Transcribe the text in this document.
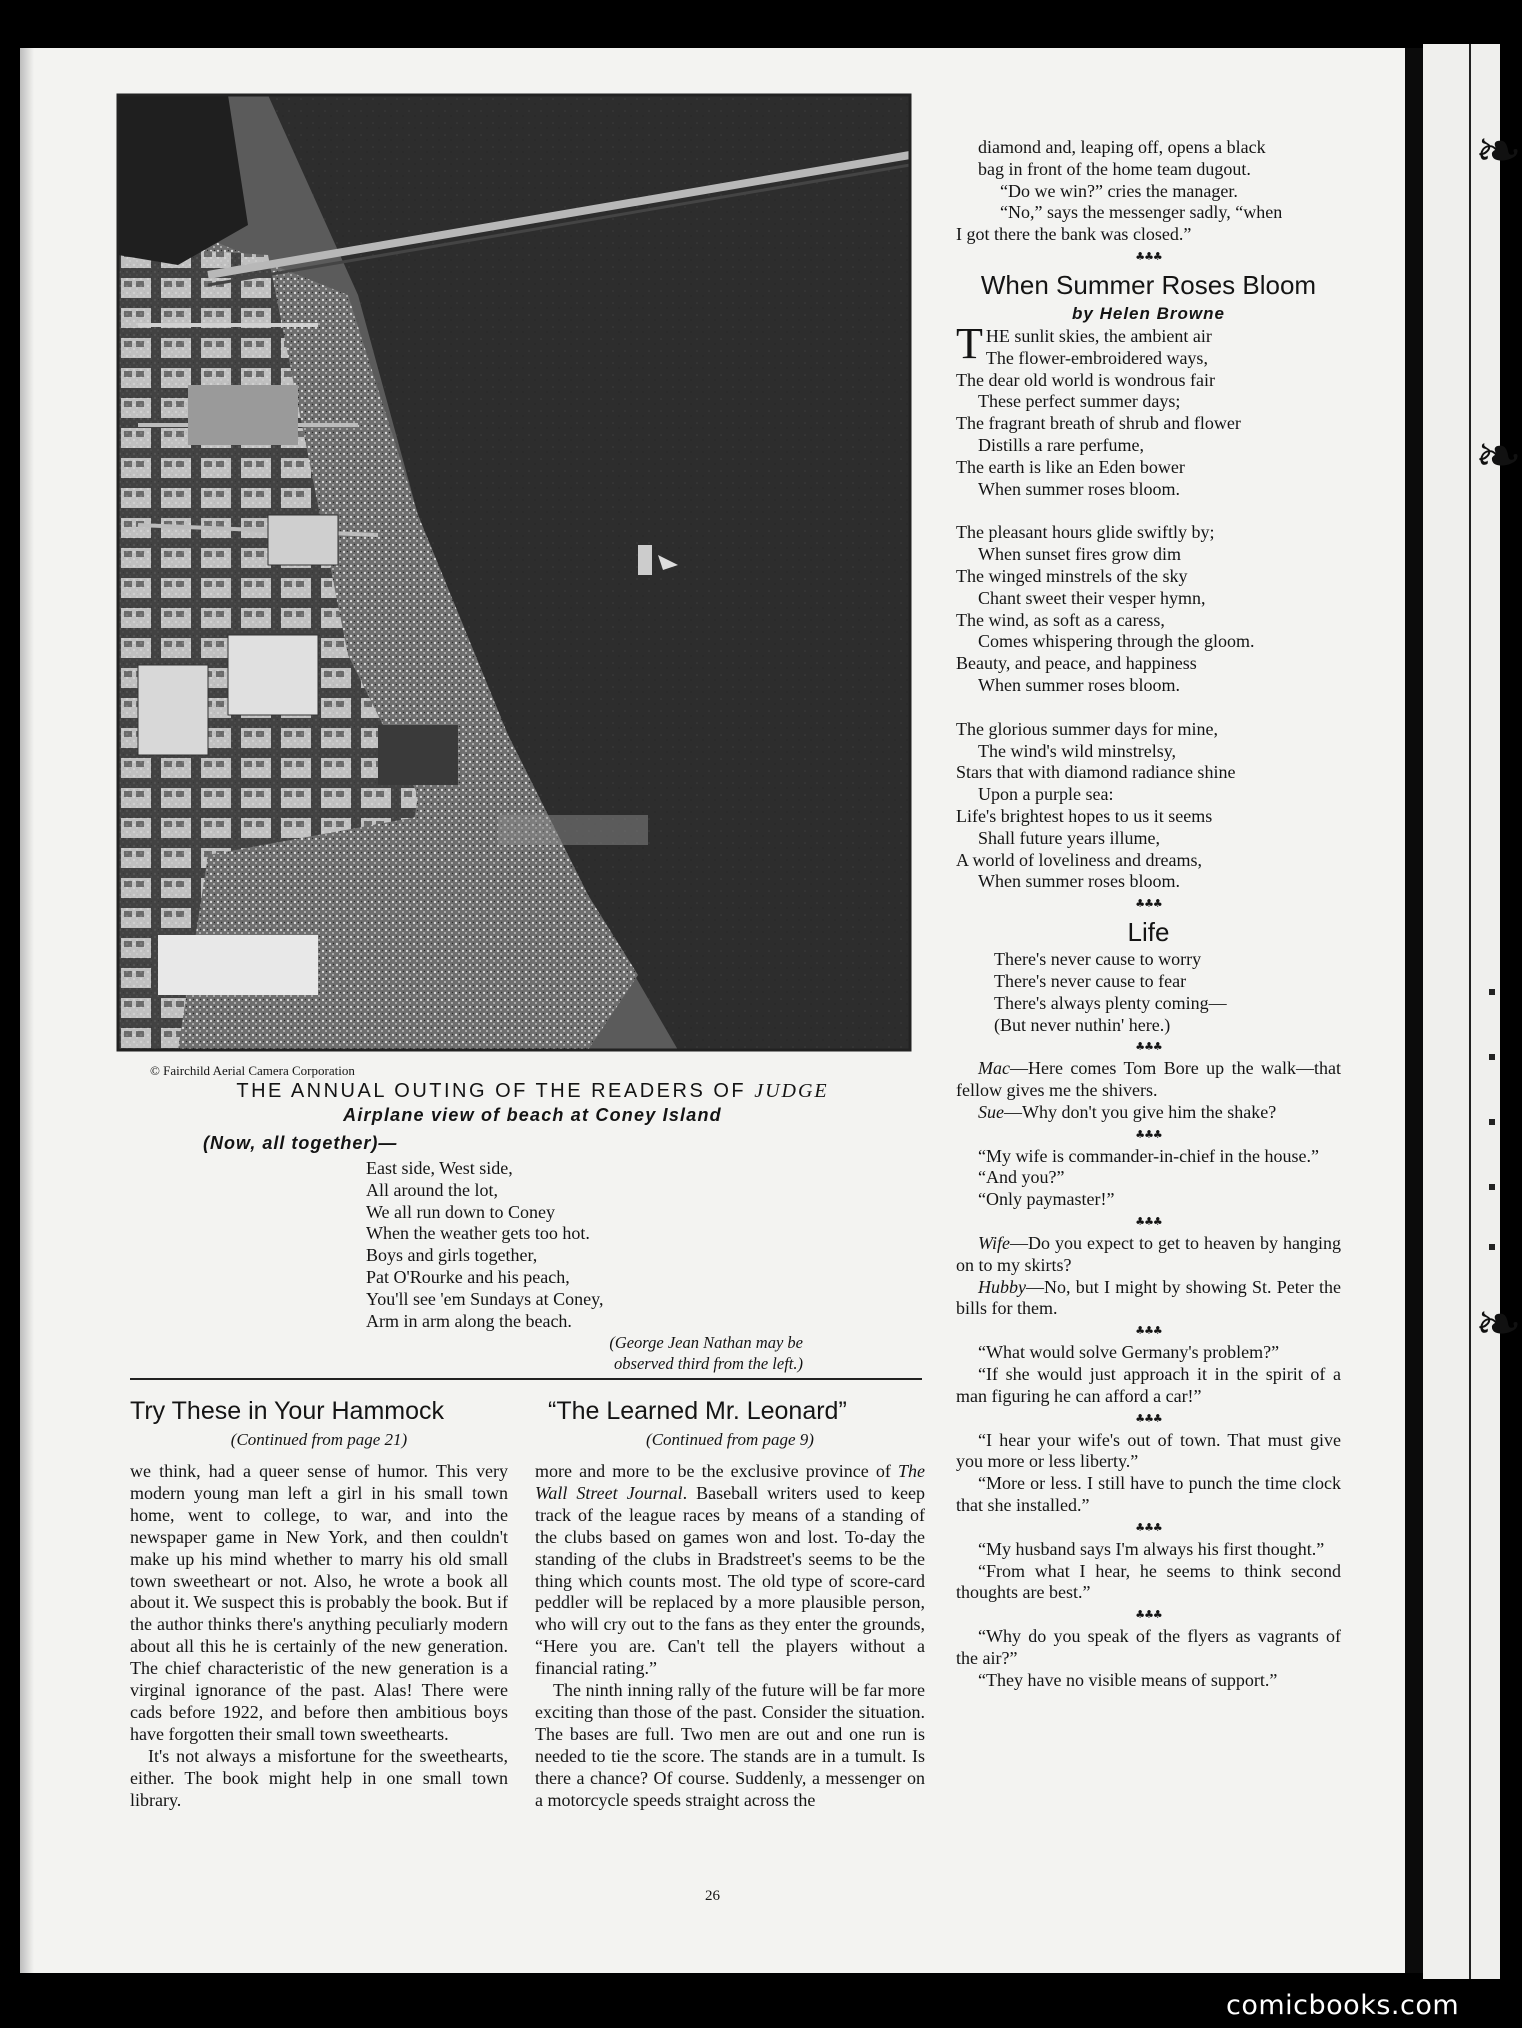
❧
❧
❧
© Fairchild Aerial Camera Corporation
THE ANNUAL OUTING OF THE READERS OF JUDGE
Airplane view of beach at Coney Island
(Now, all together)—
East side, West side,
All around the lot,
We all run down to Coney
When the weather gets too hot.
Boys and girls together,
Pat O'Rourke and his peach,
You'll see 'em Sundays at Coney,
Arm in arm along the beach.
(George Jean Nathan may be
observed third from the left.)
Try These in Your Hammock
(Continued from page 21)

we think, had a queer sense of humor. This very modern young man left a girl in his small town home, went to college, to war, and into the newspaper game in New York, and then couldn't make up his mind whether to marry his old small town sweetheart or not. Also, he wrote a book all about it. We suspect this is probably the book. But if the author thinks there's anything peculiarly modern about all this he is certainly of the new generation. The chief characteristic of the new generation is a virginal ignorance of the past. Alas! There were cads before 1922, and before then ambitious boys have forgotten their small town sweethearts.

It's not always a misfortune for the sweethearts, either. The book might help in one small town library.

“The Learned Mr. Leonard”
(Continued from page 9)

more and more to be the exclusive province of The Wall Street Journal. Baseball writers used to keep track of the league races by means of a standing of the clubs based on games won and lost. To-day the standing of the clubs in Bradstreet's seems to be the thing which counts most. The old type of score-card peddler will be replaced by a more plausible person, who will cry out to the fans as they enter the grounds, “Here you are. Can't tell the players without a financial rating.”

The ninth inning rally of the future will be far more exciting than those of the past. Consider the situation. The bases are full. Two men are out and one run is needed to tie the score. The stands are in a tumult. Is there a chance? Of course. Suddenly, a messenger on a motorcycle speeds straight across the

diamond and, leaping off, opens a black

bag in front of the home team dugout.

“Do we win?” cries the manager.

“No,” says the messenger sadly, “when

I got there the bank was closed.”

♣♣♣
When Summer Roses Bloom
by Helen Browne

THE sunlit skies, the ambient air

The flower-embroidered ways,

The dear old world is wondrous fair

These perfect summer days;

The fragrant breath of shrub and flower

Distills a rare perfume,

The earth is like an Eden bower

When summer roses bloom.

The pleasant hours glide swiftly by;

When sunset fires grow dim

The winged minstrels of the sky

Chant sweet their vesper hymn,

The wind, as soft as a caress,

Comes whispering through the gloom.

Beauty, and peace, and happiness

When summer roses bloom.

The glorious summer days for mine,

The wind's wild minstrelsy,

Stars that with diamond radiance shine

Upon a purple sea:

Life's brightest hopes to us it seems

Shall future years illume,

A world of loveliness and dreams,

When summer roses bloom.

♣♣♣
Life

There's never cause to worry

There's never cause to fear

There's always plenty coming—

(But never nuthin' here.)

♣♣♣

Mac—Here comes Tom Bore up the walk—that fellow gives me the shivers.

Sue—Why don't you give him the shake?

♣♣♣

“My wife is commander-in-chief in the house.”

“And you?”

“Only paymaster!”

♣♣♣

Wife—Do you expect to get to heaven by hanging on to my skirts?

Hubby—No, but I might by showing St. Peter the bills for them.

♣♣♣

“What would solve Germany's problem?”

“If she would just approach it in the spirit of a man figuring he can afford a car!”

♣♣♣

“I hear your wife's out of town. That must give you more or less liberty.”

“More or less. I still have to punch the time clock that she installed.”

♣♣♣

“My husband says I'm always his first thought.”

“From what I hear, he seems to think second thoughts are best.”

♣♣♣

“Why do you speak of the flyers as vagrants of the air?”

“They have no visible means of support.”

26
comicbooks.com
